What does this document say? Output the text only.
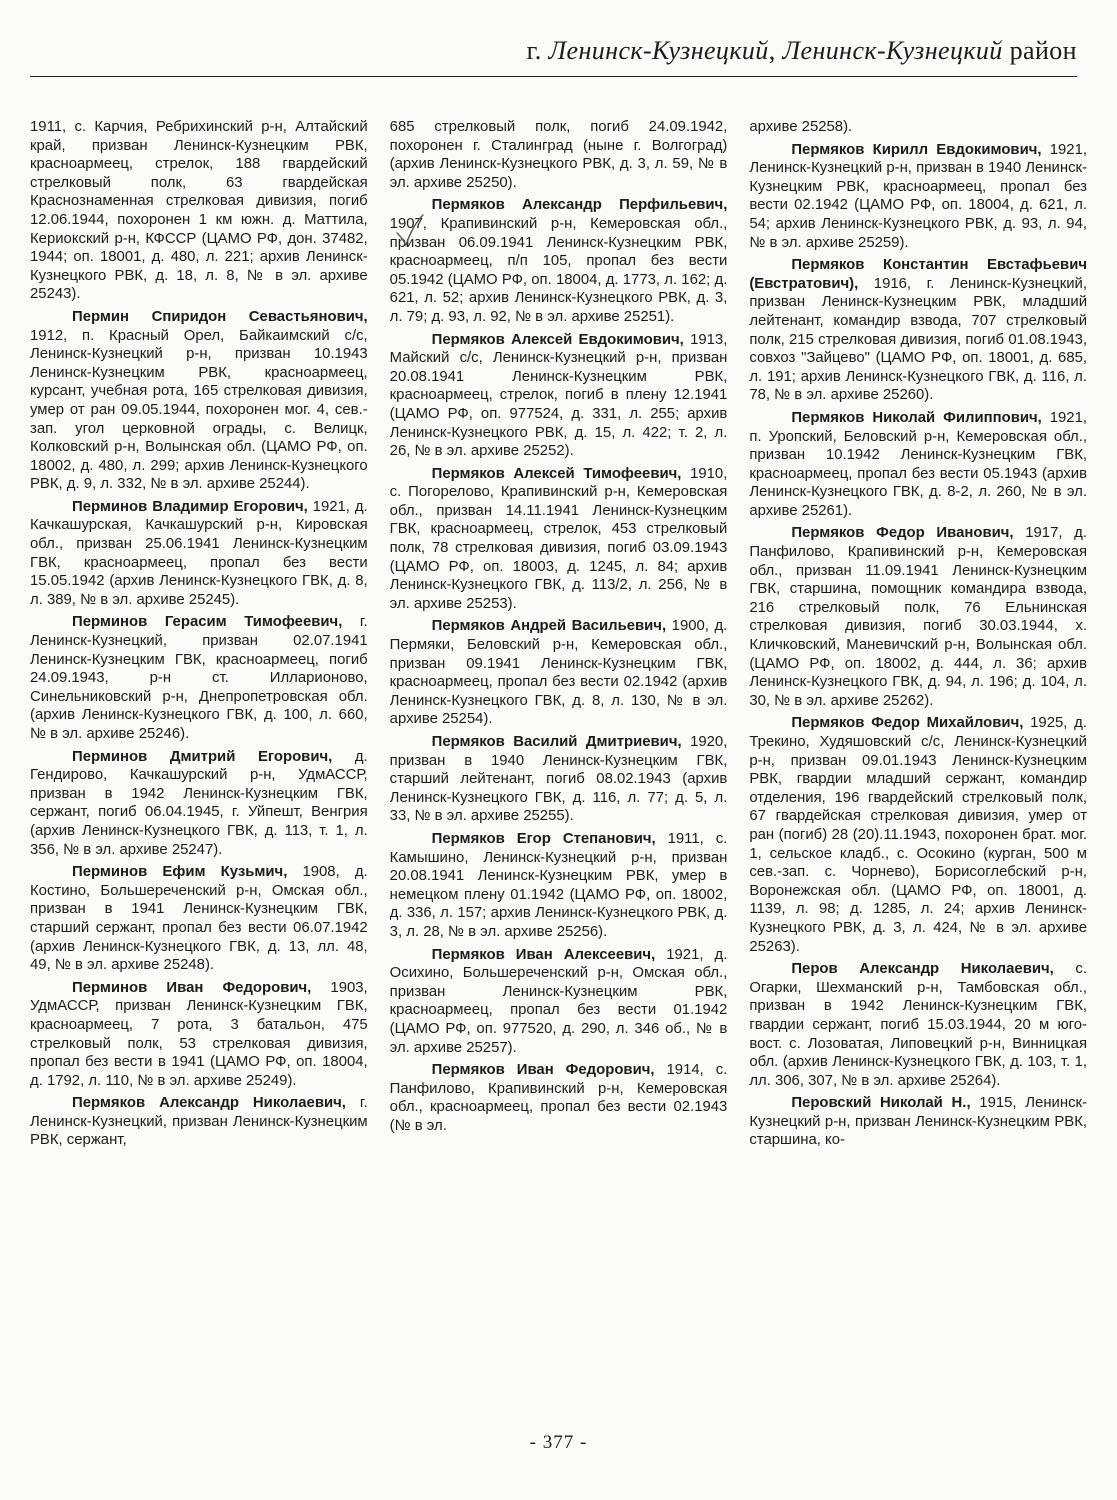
г. Ленинск-Кузнецкий, Ленинск-Кузнецкий район

1911, с. Карчия, Ребрихинский р-н, Алтайский край, призван Ленинск-Кузнецким РВК, красноармеец, стрелок, 188 гвардейский стрелковый полк, 63 гвардейская Краснознаменная стрелковая дивизия, погиб 12.06.1944, похоронен 1 км южн. д. Маттила, Кериокский р-н, КФССР (ЦАМО РФ, дон. 37482, 1944; оп. 18001, д. 480, л. 221; архив Ленинск-Кузнецкого РВК, д. 18, л. 8, № в эл. архиве 25243).

Пермин Спиридон Севастьянович, 1912, п. Красный Орел, Байкаимский с/с, Ленинск-Кузнецкий р-н, призван 10.1943 Ленинск-Кузнецким РВК, красноармеец, курсант, учебная рота, 165 стрелковая дивизия, умер от ран 09.05.1944, похоронен мог. 4, сев.-зап. угол церковной ограды, с. Велицк, Колковский р-н, Волынская обл. (ЦАМО РФ, оп. 18002, д. 480, л. 299; архив Ленинск-Кузнецкого РВК, д. 9, л. 332, № в эл. архиве 25244).

Перминов Владимир Егорович, 1921, д. Качкашурская, Качкашурский р-н, Кировская обл., призван 25.06.1941 Ленинск-Кузнецким ГВК, красноармеец, пропал без вести 15.05.1942 (архив Ленинск-Кузнецкого ГВК, д. 8, л. 389, № в эл. архиве 25245).

Перминов Герасим Тимофеевич, г. Ленинск-Кузнецкий, призван 02.07.1941 Ленинск-Кузнецким ГВК, красноармеец, погиб 24.09.1943, р-н ст. Илларионово, Синельниковский р-н, Днепропетровская обл. (архив Ленинск-Кузнецкого ГВК, д. 100, л. 660, № в эл. архиве 25246).

Перминов Дмитрий Егорович, д. Гендирово, Качкашурский р-н, УдмАССР, призван в 1942 Ленинск-Кузнецким ГВК, сержант, погиб 06.04.1945, г. Уйпешт, Венгрия (архив Ленинск-Кузнецкого ГВК, д. 113, т. 1, л. 356, № в эл. архиве 25247).

Перминов Ефим Кузьмич, 1908, д. Костино, Большереченский р-н, Омская обл., призван в 1941 Ленинск-Кузнецким ГВК, старший сержант, пропал без вести 06.07.1942 (архив Ленинск-Кузнецкого ГВК, д. 13, лл. 48, 49, № в эл. архиве 25248).

Перминов Иван Федорович, 1903, УдмАССР, призван Ленинск-Кузнецким ГВК, красноармеец, 7 рота, 3 батальон, 475 стрелковый полк, 53 стрелковая дивизия, пропал без вести в 1941 (ЦАМО РФ, оп. 18004, д. 1792, л. 110, № в эл. архиве 25249).

Пермяков Александр Николаевич, г. Ленинск-Кузнецкий, призван Ленинск-Кузнецким РВК, сержант,

685 стрелковый полк, погиб 24.09.1942, похоронен г. Сталинград (ныне г. Волгоград) (архив Ленинск-Кузнецкого РВК, д. 3, л. 59, № в эл. архиве 25250).

Пермяков Александр Перфильевич, 1907, Крапивинский р-н, Кемеровская обл., призван 06.09.1941 Ленинск-Кузнецким РВК, красноармеец, п/п 105, пропал без вести 05.1942 (ЦАМО РФ, оп. 18004, д. 1773, л. 162; д. 621, л. 52; архив Ленинск-Кузнецкого РВК, д. 3, л. 79; д. 93, л. 92, № в эл. архиве 25251).

Пермяков Алексей Евдокимович, 1913, Майский с/с, Ленинск-Кузнецкий р-н, призван 20.08.1941 Ленинск-Кузнецким РВК, красноармеец, стрелок, погиб в плену 12.1941 (ЦАМО РФ, оп. 977524, д. 331, л. 255; архив Ленинск-Кузнецкого РВК, д. 15, л. 422; т. 2, л. 26, № в эл. архиве 25252).

Пермяков Алексей Тимофеевич, 1910, с. Погорелово, Крапивинский р-н, Кемеровская обл., призван 14.11.1941 Ленинск-Кузнецким ГВК, красноармеец, стрелок, 453 стрелковый полк, 78 стрелковая дивизия, погиб 03.09.1943 (ЦАМО РФ, оп. 18003, д. 1245, л. 84; архив Ленинск-Кузнецкого ГВК, д. 113/2, л. 256, № в эл. архиве 25253).

Пермяков Андрей Васильевич, 1900, д. Пермяки, Беловский р-н, Кемеровская обл., призван 09.1941 Ленинск-Кузнецким ГВК, красноармеец, пропал без вести 02.1942 (архив Ленинск-Кузнецкого ГВК, д. 8, л. 130, № в эл. архиве 25254).

Пермяков Василий Дмитриевич, 1920, призван в 1940 Ленинск-Кузнецким ГВК, старший лейтенант, погиб 08.02.1943 (архив Ленинск-Кузнецкого ГВК, д. 116, л. 77; д. 5, л. 33, № в эл. архиве 25255).

Пермяков Егор Степанович, 1911, с. Камышино, Ленинск-Кузнецкий р-н, призван 20.08.1941 Ленинск-Кузнецким РВК, умер в немецком плену 01.1942 (ЦАМО РФ, оп. 18002, д. 336, л. 157; архив Ленинск-Кузнецкого РВК, д. 3, л. 28, № в эл. архиве 25256).

Пермяков Иван Алексеевич, 1921, д. Осихино, Большереченский р-н, Омская обл., призван Ленинск-Кузнецким РВК, красноармеец, пропал без вести 01.1942 (ЦАМО РФ, оп. 977520, д. 290, л. 346 об., № в эл. архиве 25257).

Пермяков Иван Федорович, 1914, с. Панфилово, Крапивинский р-н, Кемеровская обл., красноармеец, пропал без вести 02.1943 (№ в эл.

архиве 25258).

Пермяков Кирилл Евдокимович, 1921, Ленинск-Кузнецкий р-н, призван в 1940 Ленинск-Кузнецким РВК, красноармеец, пропал без вести 02.1942 (ЦАМО РФ, оп. 18004, д. 621, л. 54; архив Ленинск-Кузнецкого РВК, д. 93, л. 94, № в эл. архиве 25259).

Пермяков Константин Евстафьевич (Евстратович), 1916, г. Ленинск-Кузнецкий, призван Ленинск-Кузнецким РВК, младший лейтенант, командир взвода, 707 стрелковый полк, 215 стрелковая дивизия, погиб 01.08.1943, совхоз "Зайцево" (ЦАМО РФ, оп. 18001, д. 685, л. 191; архив Ленинск-Кузнецкого ГВК, д. 116, л. 78, № в эл. архиве 25260).

Пермяков Николай Филиппович, 1921, п. Уропский, Беловский р-н, Кемеровская обл., призван 10.1942 Ленинск-Кузнецким ГВК, красноармеец, пропал без вести 05.1943 (архив Ленинск-Кузнецкого ГВК, д. 8-2, л. 260, № в эл. архиве 25261).

Пермяков Федор Иванович, 1917, д. Панфилово, Крапивинский р-н, Кемеровская обл., призван 11.09.1941 Ленинск-Кузнецким ГВК, старшина, помощник командира взвода, 216 стрелковый полк, 76 Ельнинская стрелковая дивизия, погиб 30.03.1944, х. Кличковский, Маневичский р-н, Волынская обл. (ЦАМО РФ, оп. 18002, д. 444, л. 36; архив Ленинск-Кузнецкого ГВК, д. 94, л. 196; д. 104, л. 30, № в эл. архиве 25262).

Пермяков Федор Михайлович, 1925, д. Трекино, Худяшовский с/с, Ленинск-Кузнецкий р-н, призван 09.01.1943 Ленинск-Кузнецким РВК, гвардии младший сержант, командир отделения, 196 гвардейский стрелковый полк, 67 гвардейская стрелковая дивизия, умер от ран (погиб) 28 (20).11.1943, похоронен брат. мог. 1, сельское кладб., с. Осокино (курган, 500 м сев.-зап. с. Чорнево), Борисоглебский р-н, Воронежская обл. (ЦАМО РФ, оп. 18001, д. 1139, л. 98; д. 1285, л. 24; архив Ленинск-Кузнецкого РВК, д. 3, л. 424, № в эл. архиве 25263).

Перов Александр Николаевич, с. Огарки, Шехманский р-н, Тамбовская обл., призван в 1942 Ленинск-Кузнецким ГВК, гвардии сержант, погиб 15.03.1944, 20 м юго-вост. с. Лозоватая, Липовецкий р-н, Винницкая обл. (архив Ленинск-Кузнецкого ГВК, д. 103, т. 1, лл. 306, 307, № в эл. архиве 25264).

Перовский Николай Н., 1915, Ленинск-Кузнецкий р-н, призван Ленинск-Кузнецким РВК, старшина, ко-

- 377 -
